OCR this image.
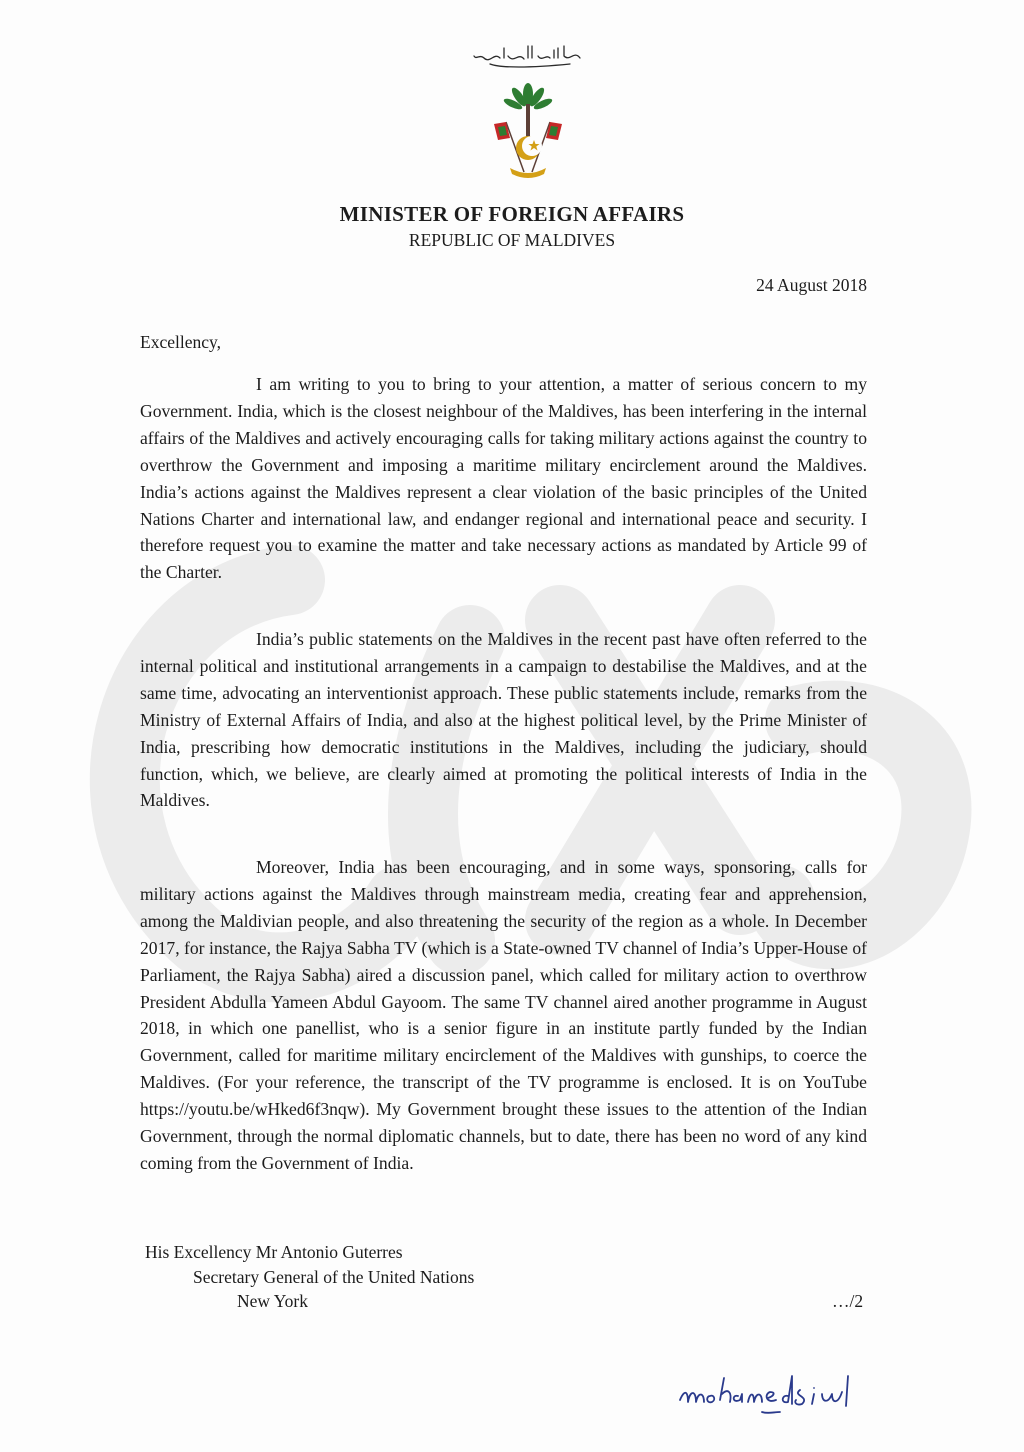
MINISTER OF FOREIGN AFFAIRS
REPUBLIC OF MALDIVES
24 August 2018
Excellency,

I am writing to you to bring to your attention, a matter of serious concern to my Government. India, which is the closest neighbour of the Maldives, has been interfering in the internal affairs of the Maldives and actively encouraging calls for taking military actions against the country to overthrow the Government and imposing a maritime military encirclement around the Maldives. India’s actions against the Maldives represent a clear violation of the basic principles of the United Nations Charter and international law, and endanger regional and international peace and security. I therefore request you to examine the matter and take necessary actions as mandated by Article 99 of the Charter.

India’s public statements on the Maldives in the recent past have often referred to the internal political and institutional arrangements in a campaign to destabilise the Maldives, and at the same time, advocating an interventionist approach. These public statements include, remarks from the Ministry of External Affairs of India, and also at the highest political level, by the Prime Minister of India, prescribing how democratic institutions in the Maldives, including the judiciary, should function, which, we believe, are clearly aimed at promoting the political interests of India in the Maldives.

Moreover, India has been encouraging, and in some ways, sponsoring, calls for military actions against the Maldives through mainstream media, creating fear and apprehension, among the Maldivian people, and also threatening the security of the region as a whole. In December 2017, for instance, the Rajya Sabha TV (which is a State-owned TV channel of India’s Upper-House of Parliament, the Rajya Sabha) aired a discussion panel, which called for military action to overthrow President Abdulla Yameen Abdul Gayoom. The same TV channel aired another programme in August 2018, in which one panellist, who is a senior figure in an institute partly funded by the Indian Government, called for maritime military encirclement of the Maldives with gunships, to coerce the Maldives. (For your reference, the transcript of the TV programme is enclosed. It is on YouTube https://youtu.be/wHked6f3nqw). My Government brought these issues to the attention of the Indian Government, through the normal diplomatic channels, but to date, there has been no word of any kind coming from the Government of India.

His Excellency Mr Antonio Guterres
Secretary General of the United Nations
New York	…/2
